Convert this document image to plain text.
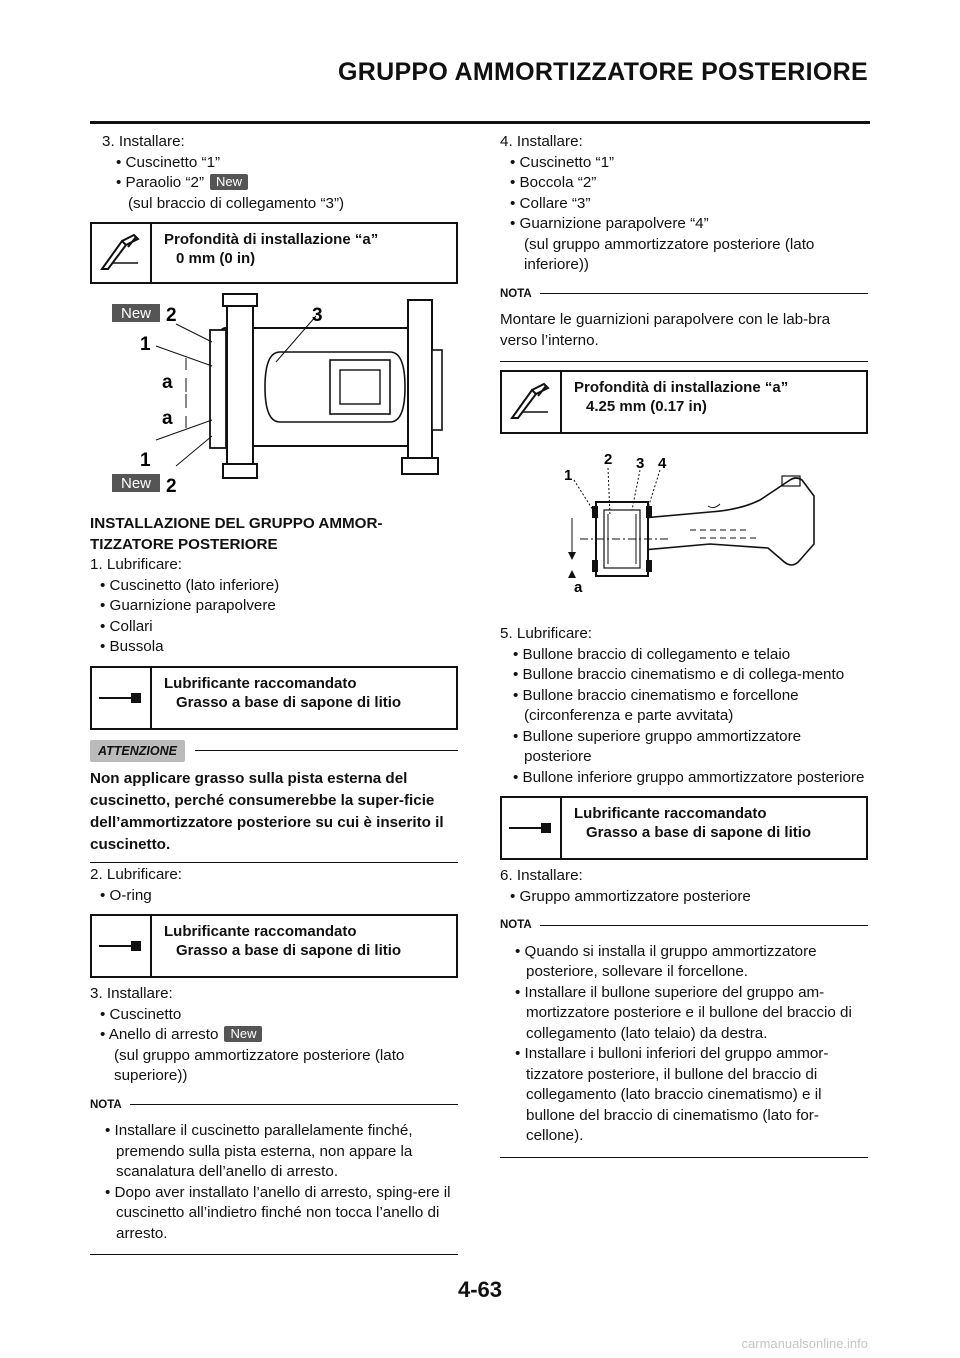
GRUPPO AMMORTIZZATORE POSTERIORE
3. Installare:
• Cuscinetto “1”
• Paraolio “2” New
(sul braccio di collegamento “3”)
Profondità di installazione “a”
0 mm (0 in)
New 2	3
1
a
a
1
New 2
INSTALLAZIONE DEL GRUPPO AMMOR-
TIZZATORE POSTERIORE
1. Lubrificare:
• Cuscinetto (lato inferiore)
• Guarnizione parapolvere
• Collari
• Bussola
Lubrificante raccomandato
Grasso a base di sapone di litio
ATTENZIONE
Non applicare grasso sulla pista esterna del cuscinetto, perché consumerebbe la super-ficie dell’ammortizzatore posteriore su cui è inserito il cuscinetto.
2. Lubrificare:
• O-ring
Lubrificante raccomandato
Grasso a base di sapone di litio
3. Installare:
• Cuscinetto
• Anello di arresto New
(sul gruppo ammortizzatore posteriore (lato superiore))
NOTA
• Installare il cuscinetto parallelamente finché, premendo sulla pista esterna, non appare la scanalatura dell’anello di arresto.
• Dopo aver installato l’anello di arresto, sping-ere il cuscinetto all’indietro finché non tocca l’anello di arresto.
4. Installare:
• Cuscinetto “1”
• Boccola “2”
• Collare “3”
• Guarnizione parapolvere “4”
(sul gruppo ammortizzatore posteriore (lato inferiore))
NOTA
Montare le guarnizioni parapolvere con le lab-bra verso l’interno.
Profondità di installazione “a”
4.25 mm (0.17 in)
1
2 3 4
a
5. Lubrificare:
• Bullone braccio di collegamento e telaio
• Bullone braccio cinematismo e di collega-mento
• Bullone braccio cinematismo e forcellone (circonferenza e parte avvitata)
• Bullone superiore gruppo ammortizzatore posteriore
• Bullone inferiore gruppo ammortizzatore posteriore
Lubrificante raccomandato
Grasso a base di sapone di litio
6. Installare:
• Gruppo ammortizzatore posteriore
NOTA
• Quando si installa il gruppo ammortizzatore posteriore, sollevare il forcellone.
• Installare il bullone superiore del gruppo am-mortizzatore posteriore e il bullone del braccio di collegamento (lato telaio) da destra.
• Installare i bulloni inferiori del gruppo ammor-tizzatore posteriore, il bullone del braccio di collegamento (lato braccio cinematismo) e il bullone del braccio di cinematismo (lato for-cellone).
4-63
carmanualsonline.info
